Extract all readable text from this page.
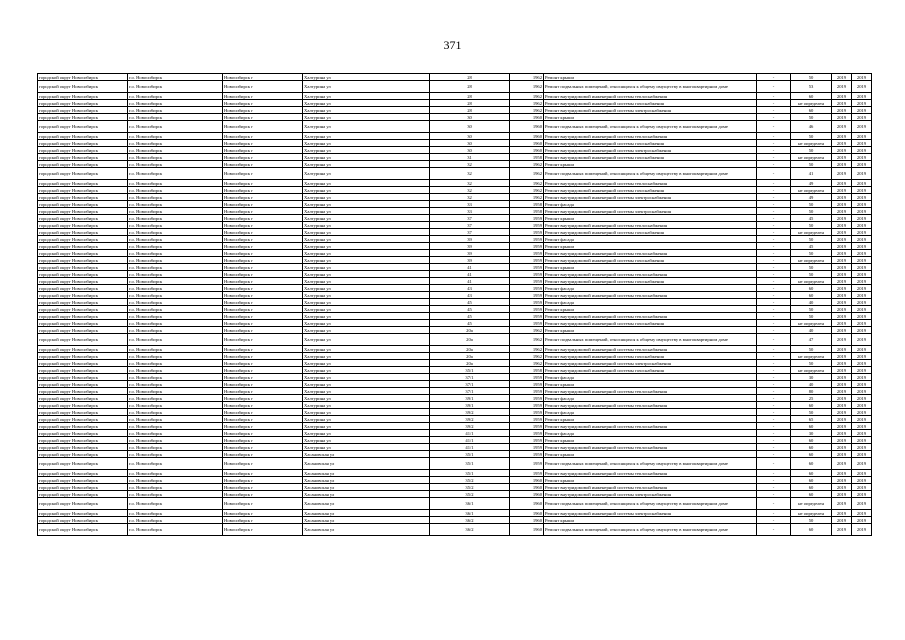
371
городской округ Новосибирск	г.о. Новосибирск	Новосибирск г	Халтурина ул	28	1962	Ремонт крыши	-	50	2019	2019
городской округ Новосибирск	г.о. Новосибирск	Новосибирск г	Халтурина ул	28	1962	Ремонт подвальных помещений, относящихся к общему имуществу в многоквартирном доме	-	53	2019	2019
городской округ Новосибирск	г.о. Новосибирск	Новосибирск г	Халтурина ул	28	1962	Ремонт внутридомовой инженерной системы теплоснабжения	-	60	2019	2019
городской округ Новосибирск	г.о. Новосибирск	Новосибирск г	Халтурина ул	28	1962	Ремонт внутридомовой инженерной системы газоснабжения	-	не определен	2019	2019
городской округ Новосибирск	г.о. Новосибирск	Новосибирск г	Халтурина ул	28	1962	Ремонт внутридомовой инженерной системы электроснабжения	-	60	2019	2019
городской округ Новосибирск	г.о. Новосибирск	Новосибирск г	Халтурина ул	30	1960	Ремонт крыши	-	50	2019	2019
городской округ Новосибирск	г.о. Новосибирск	Новосибирск г	Халтурина ул	30	1960	Ремонт подвальных помещений, относящихся к общему имуществу в многоквартирном доме	-	46	2019	2019
городской округ Новосибирск	г.о. Новосибирск	Новосибирск г	Халтурина ул	30	1960	Ремонт внутридомовой инженерной системы теплоснабжения	-	50	2019	2019
городской округ Новосибирск	г.о. Новосибирск	Новосибирск г	Халтурина ул	30	1960	Ремонт внутридомовой инженерной системы газоснабжения	-	не определен	2019	2019
городской округ Новосибирск	г.о. Новосибирск	Новосибирск г	Халтурина ул	30	1960	Ремонт внутридомовой инженерной системы электроснабжения	-	50	2019	2019
городской округ Новосибирск	г.о. Новосибирск	Новосибирск г	Халтурина ул	31	1958	Ремонт внутридомовой инженерной системы газоснабжения	-	не определен	2019	2019
городской округ Новосибирск	г.о. Новосибирск	Новосибирск г	Халтурина ул	32	1962	Ремонт крыши	-	50	2019	2019
городской округ Новосибирск	г.о. Новосибирск	Новосибирск г	Халтурина ул	32	1962	Ремонт подвальных помещений, относящихся к общему имуществу в многоквартирном доме	-	41	2019	2019
городской округ Новосибирск	г.о. Новосибирск	Новосибирск г	Халтурина ул	32	1962	Ремонт внутридомовой инженерной системы теплоснабжения	-	49	2019	2019
городской округ Новосибирск	г.о. Новосибирск	Новосибирск г	Халтурина ул	32	1962	Ремонт внутридомовой инженерной системы газоснабжения	-	не определен	2019	2019
городской округ Новосибирск	г.о. Новосибирск	Новосибирск г	Халтурина ул	32	1962	Ремонт внутридомовой инженерной системы электроснабжения	-	49	2019	2019
городской округ Новосибирск	г.о. Новосибирск	Новосибирск г	Халтурина ул	33	1958	Ремонт фасада	-	50	2019	2019
городской округ Новосибирск	г.о. Новосибирск	Новосибирск г	Халтурина ул	33	1958	Ремонт внутридомовой инженерной системы электроснабжения	-	50	2019	2019
городской округ Новосибирск	г.о. Новосибирск	Новосибирск г	Халтурина ул	37	1959	Ремонт крыши	-	45	2019	2019
городской округ Новосибирск	г.о. Новосибирск	Новосибирск г	Халтурина ул	37	1959	Ремонт внутридомовой инженерной системы теплоснабжения	-	50	2019	2019
городской округ Новосибирск	г.о. Новосибирск	Новосибирск г	Халтурина ул	37	1959	Ремонт внутридомовой инженерной системы газоснабжения	-	не определен	2019	2019
городской округ Новосибирск	г.о. Новосибирск	Новосибирск г	Халтурина ул	39	1959	Ремонт фасада	-	50	2019	2019
городской округ Новосибирск	г.о. Новосибирск	Новосибирск г	Халтурина ул	39	1959	Ремонт крыши	-	45	2019	2019
городской округ Новосибирск	г.о. Новосибирск	Новосибирск г	Халтурина ул	39	1959	Ремонт внутридомовой инженерной системы теплоснабжения	-	50	2019	2019
городской округ Новосибирск	г.о. Новосибирск	Новосибирск г	Халтурина ул	39	1959	Ремонт внутридомовой инженерной системы газоснабжения	-	не определен	2019	2019
городской округ Новосибирск	г.о. Новосибирск	Новосибирск г	Халтурина ул	41	1959	Ремонт крыши	-	50	2019	2019
городской округ Новосибирск	г.о. Новосибирск	Новосибирск г	Халтурина ул	41	1959	Ремонт внутридомовой инженерной системы теплоснабжения	-	50	2019	2019
городской округ Новосибирск	г.о. Новосибирск	Новосибирск г	Халтурина ул	41	1959	Ремонт внутридомовой инженерной системы газоснабжения	-	не определен	2019	2019
городской округ Новосибирск	г.о. Новосибирск	Новосибирск г	Халтурина ул	43	1959	Ремонт фасада	-	60	2019	2019
городской округ Новосибирск	г.о. Новосибирск	Новосибирск г	Халтурина ул	43	1959	Ремонт внутридомовой инженерной системы теплоснабжения	-	60	2019	2019
городской округ Новосибирск	г.о. Новосибирск	Новосибирск г	Халтурина ул	45	1959	Ремонт фасада	-	40	2019	2019
городской округ Новосибирск	г.о. Новосибирск	Новосибирск г	Халтурина ул	45	1959	Ремонт крыши	-	50	2019	2019
городской округ Новосибирск	г.о. Новосибирск	Новосибирск г	Халтурина ул	45	1959	Ремонт внутридомовой инженерной системы теплоснабжения	-	50	2019	2019
городской округ Новосибирск	г.о. Новосибирск	Новосибирск г	Халтурина ул	45	1959	Ремонт внутридомовой инженерной системы газоснабжения	-	не определен	2019	2019
городской округ Новосибирск	г.о. Новосибирск	Новосибирск г	Халтурина ул	20а	1962	Ремонт крыши	-	40	2019	2019
городской округ Новосибирск	г.о. Новосибирск	Новосибирск г	Халтурина ул	20а	1962	Ремонт подвальных помещений, относящихся к общему имуществу в многоквартирном доме	-	47	2019	2019
городской округ Новосибирск	г.о. Новосибирск	Новосибирск г	Халтурина ул	20а	1962	Ремонт внутридомовой инженерной системы теплоснабжения	-	50	2019	2019
городской округ Новосибирск	г.о. Новосибирск	Новосибирск г	Халтурина ул	20а	1962	Ремонт внутридомовой инженерной системы газоснабжения	-	не определен	2019	2019
городской округ Новосибирск	г.о. Новосибирск	Новосибирск г	Халтурина ул	20а	1962	Ремонт внутридомовой инженерной системы электроснабжения	-	50	2019	2019
городской округ Новосибирск	г.о. Новосибирск	Новосибирск г	Халтурина ул	35/1	1958	Ремонт внутридомовой инженерной системы газоснабжения	-	не определен	2019	2019
городской округ Новосибирск	г.о. Новосибирск	Новосибирск г	Халтурина ул	37/1	1959	Ремонт фасада	-	30	2019	2019
городской округ Новосибирск	г.о. Новосибирск	Новосибирск г	Халтурина ул	37/1	1959	Ремонт крыши	-	40	2019	2019
городской округ Новосибирск	г.о. Новосибирск	Новосибирск г	Халтурина ул	37/1	1959	Ремонт внутридомовой инженерной системы теплоснабжения	-	80	2019	2019
городской округ Новосибирск	г.о. Новосибирск	Новосибирск г	Халтурина ул	39/1	1959	Ремонт фасада	-	25	2019	2019
городской округ Новосибирск	г.о. Новосибирск	Новосибирск г	Халтурина ул	39/1	1959	Ремонт внутридомовой инженерной системы теплоснабжения	-	60	2019	2019
городской округ Новосибирск	г.о. Новосибирск	Новосибирск г	Халтурина ул	39/2	1959	Ремонт фасада	-	50	2019	2019
городской округ Новосибирск	г.о. Новосибирск	Новосибирск г	Халтурина ул	39/2	1959	Ремонт крыши	-	65	2019	2019
городской округ Новосибирск	г.о. Новосибирск	Новосибирск г	Халтурина ул	39/2	1959	Ремонт внутридомовой инженерной системы теплоснабжения	-	60	2019	2019
городской округ Новосибирск	г.о. Новосибирск	Новосибирск г	Халтурина ул	41/1	1959	Ремонт фасада	-	30	2019	2019
городской округ Новосибирск	г.о. Новосибирск	Новосибирск г	Халтурина ул	41/1	1959	Ремонт крыши	-	60	2019	2019
городской округ Новосибирск	г.о. Новосибирск	Новосибирск г	Халтурина ул	41/1	1959	Ремонт внутридомовой инженерной системы теплоснабжения	-	60	2019	2019
городской округ Новосибирск	г.о. Новосибирск	Новосибирск г	Хасановская ул	35/1	1959	Ремонт крыши	-	60	2019	2019
городской округ Новосибирск	г.о. Новосибирск	Новосибирск г	Хасановская ул	35/1	1959	Ремонт подвальных помещений, относящихся к общему имуществу в многоквартирном доме	-	60	2019	2019
городской округ Новосибирск	г.о. Новосибирск	Новосибирск г	Хасановская ул	35/1	1959	Ремонт внутридомовой инженерной системы теплоснабжения	-	60	2019	2019
городской округ Новосибирск	г.о. Новосибирск	Новосибирск г	Хасановская ул	35/2	1960	Ремонт крыши	-	60	2019	2019
городской округ Новосибирск	г.о. Новосибирск	Новосибирск г	Хасановская ул	35/2	1960	Ремонт внутридомовой инженерной системы теплоснабжения	-	60	2019	2019
городской округ Новосибирск	г.о. Новосибирск	Новосибирск г	Хасановская ул	35/2	1960	Ремонт внутридомовой инженерной системы электроснабжения	-	60	2019	2019
городской округ Новосибирск	г.о. Новосибирск	Новосибирск г	Хасановская ул	36/1	1960	Ремонт подвальных помещений, относящихся к общему имуществу в многоквартирном доме	-	не определен	2019	2019
городской округ Новосибирск	г.о. Новосибирск	Новосибирск г	Хасановская ул	36/1	1960	Ремонт внутридомовой инженерной системы электроснабжения	-	не определен	2019	2019
городской округ Новосибирск	г.о. Новосибирск	Новосибирск г	Хасановская ул	36/2	1960	Ремонт крыши	-	50	2019	2019
городской округ Новосибирск	г.о. Новосибирск	Новосибирск г	Хасановская ул	36/2	1960	Ремонт подвальных помещений, относящихся к общему имуществу в многоквартирном доме	-	60	2019	2019
